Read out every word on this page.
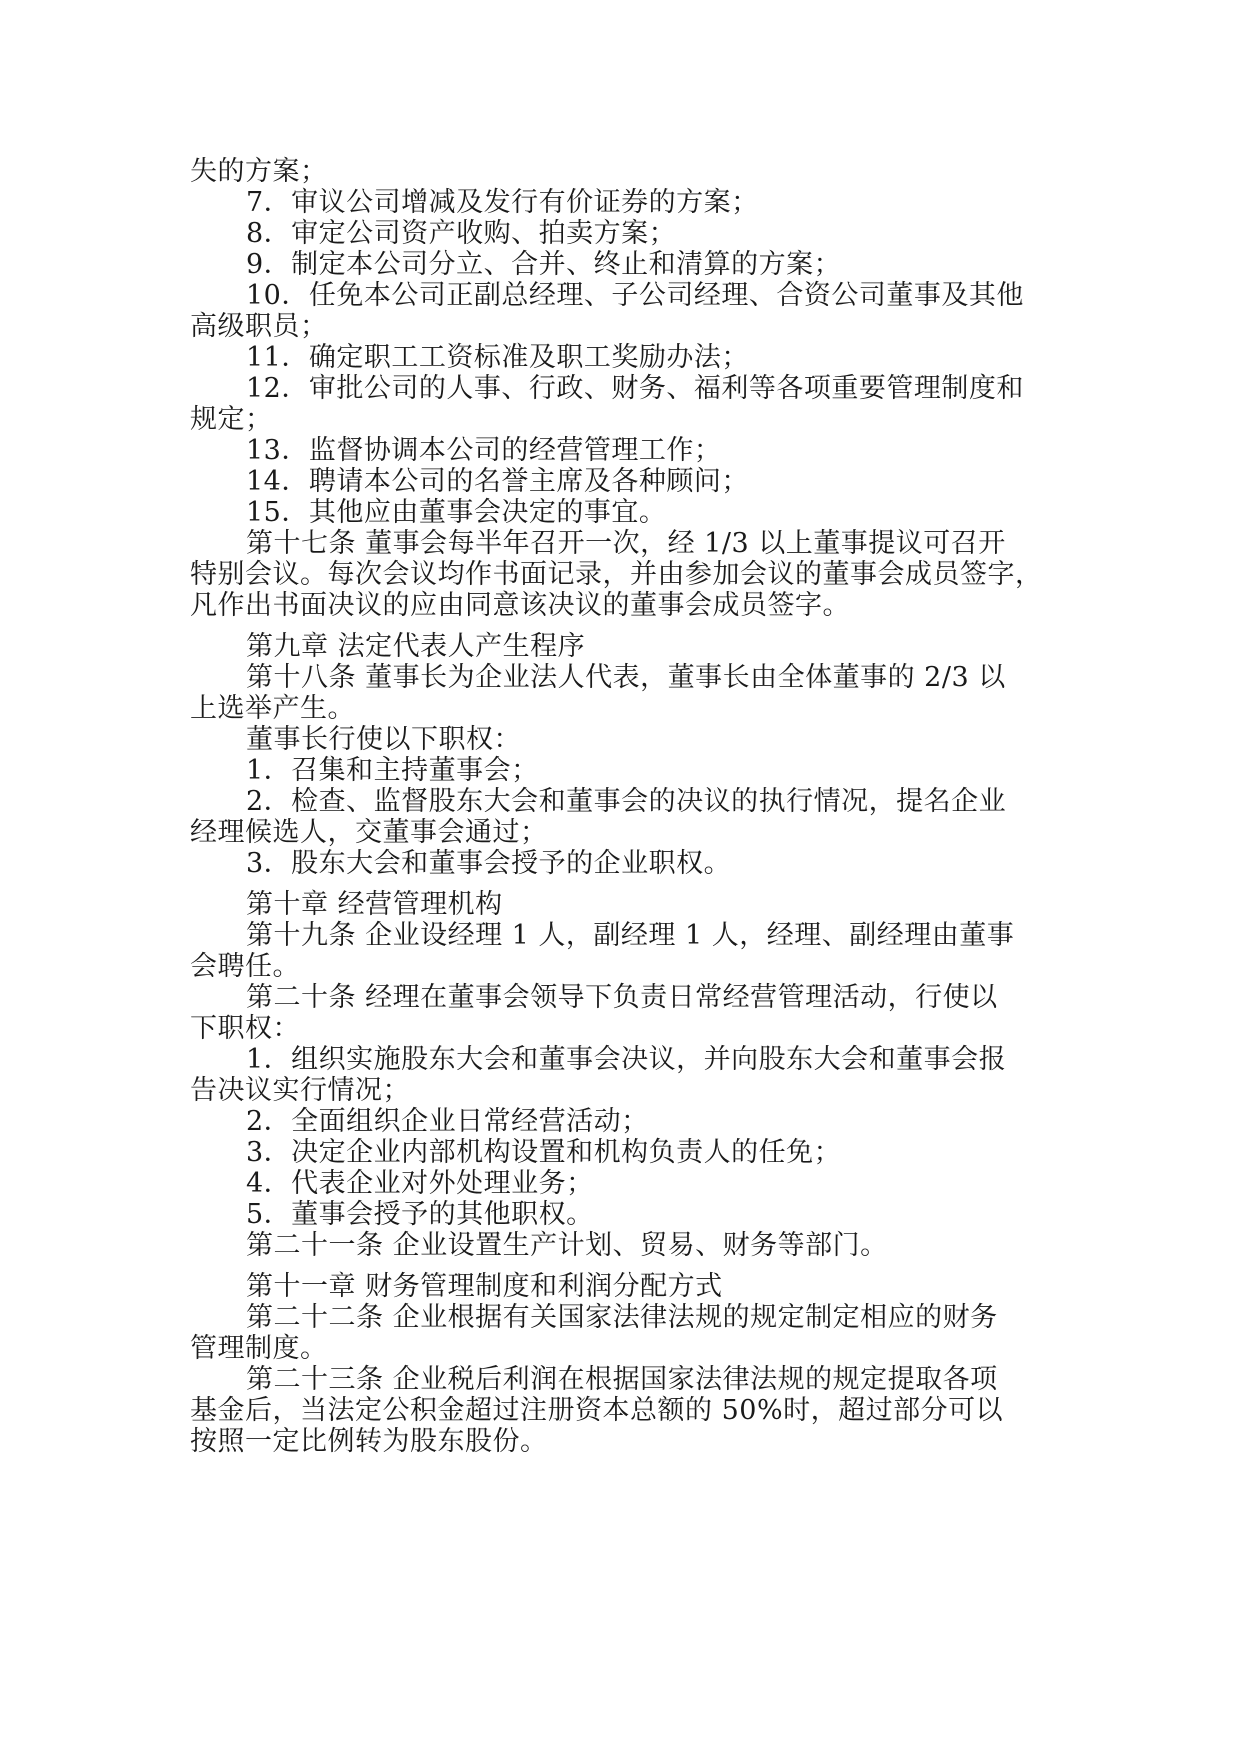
失的方案；
7．审议公司增减及发行有价证券的方案；
8．审定公司资产收购、拍卖方案；
9．制定本公司分立、合并、终止和清算的方案；
10．任免本公司正副总经理、子公司经理、合资公司董事及其他
高级职员；
11．确定职工工资标准及职工奖励办法；
12．审批公司的人事、行政、财务、福利等各项重要管理制度和
规定；
13．监督协调本公司的经营管理工作；
14．聘请本公司的名誉主席及各种顾问；
15．其他应由董事会决定的事宜。
第十七条 董事会每半年召开一次，经 1/3 以上董事提议可召开
特别会议。每次会议均作书面记录，并由参加会议的董事会成员签字，
凡作出书面决议的应由同意该决议的董事会成员签字。
第九章 法定代表人产生程序
第十八条 董事长为企业法人代表，董事长由全体董事的 2/3 以
上选举产生。
董事长行使以下职权：
1．召集和主持董事会；
2．检查、监督股东大会和董事会的决议的执行情况，提名企业
经理候选人，交董事会通过；
3．股东大会和董事会授予的企业职权。
第十章 经营管理机构
第十九条 企业设经理 1 人，副经理 1 人，经理、副经理由董事
会聘任。
第二十条 经理在董事会领导下负责日常经营管理活动，行使以
下职权：
1．组织实施股东大会和董事会决议，并向股东大会和董事会报
告决议实行情况；
2．全面组织企业日常经营活动；
3．决定企业内部机构设置和机构负责人的任免；
4．代表企业对外处理业务；
5．董事会授予的其他职权。
第二十一条 企业设置生产计划、贸易、财务等部门。
第十一章 财务管理制度和利润分配方式
第二十二条 企业根据有关国家法律法规的规定制定相应的财务
管理制度。
第二十三条 企业税后利润在根据国家法律法规的规定提取各项
基金后，当法定公积金超过注册资本总额的 50%时，超过部分可以
按照一定比例转为股东股份。
